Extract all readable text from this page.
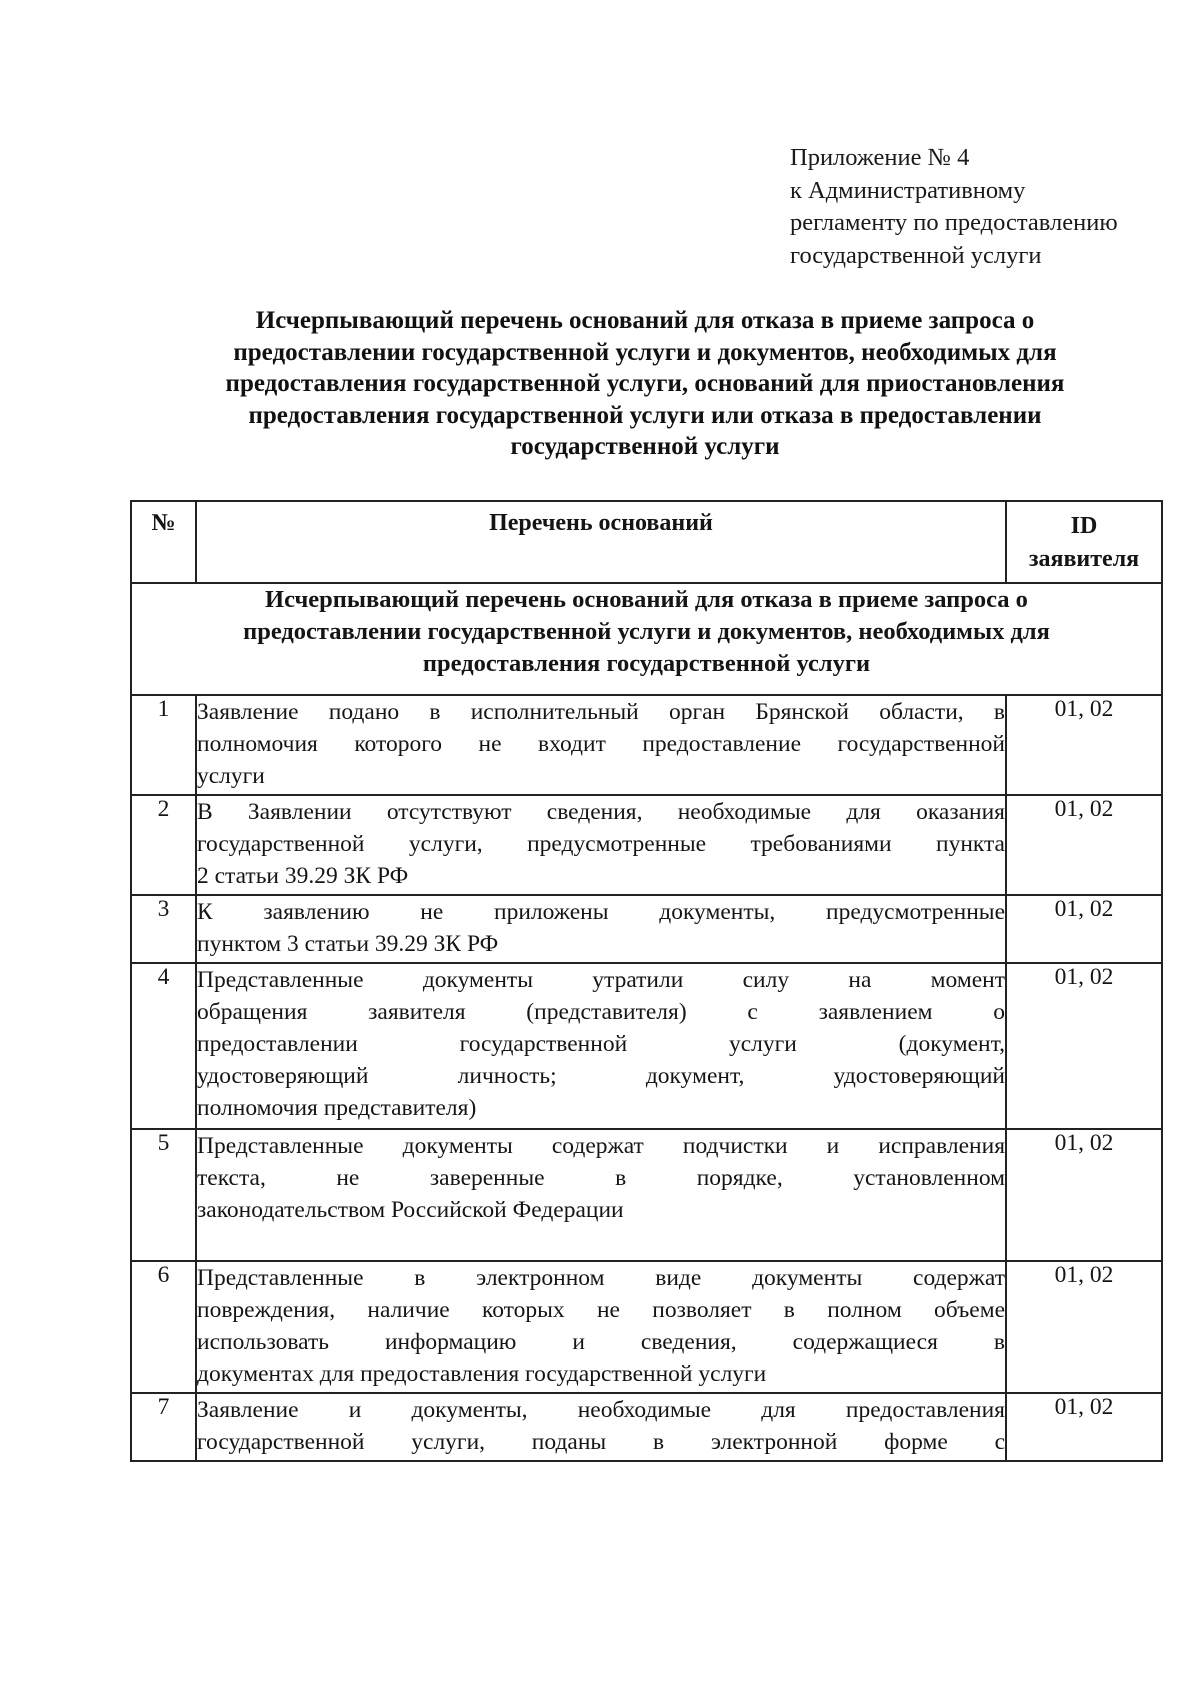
Приложение № 4
к Административному
регламенту по предоставлению
государственной услуги
Исчерпывающий перечень оснований для отказа в приеме запроса о
предоставлении государственной услуги и документов, необходимых для
предоставления государственной услуги, оснований для приостановления
предоставления государственной услуги или отказа в предоставлении
государственной услуги
№	Перечень оснований	ID
заявителя

Исчерпывающий перечень оснований для отказа в приеме запроса о
предоставлении государственной услуги и документов, необходимых для
предоставления государственной услуги		

1	Заявление подано в исполнительный орган Брянской области, в
полномочия которого не входит предоставление государственной
услуги	01, 02
2	В Заявлении отсутствуют сведения, необходимые для оказания
государственной услуги, предусмотренные требованиями пункта
2 статьи 39.29 ЗК РФ	01, 02
3	К заявлению не приложены документы, предусмотренные
пунктом 3 статьи 39.29 ЗК РФ	01, 02
4	Представленные документы утратили силу на момент
обращения заявителя (представителя) с заявлением о
предоставлении государственной услуги (документ,
удостоверяющий личность; документ, удостоверяющий
полномочия представителя)	01, 02
5	Представленные документы содержат подчистки и исправления
текста, не заверенные в порядке, установленном
законодательством Российской Федерации	01, 02
6	Представленные в электронном виде документы содержат
повреждения, наличие которых не позволяет в полном объеме
использовать информацию и сведения, содержащиеся в
документах для предоставления государственной услуги	01, 02
7	Заявление и документы, необходимые для предоставления
государственной услуги, поданы в электронной форме с	01, 02
